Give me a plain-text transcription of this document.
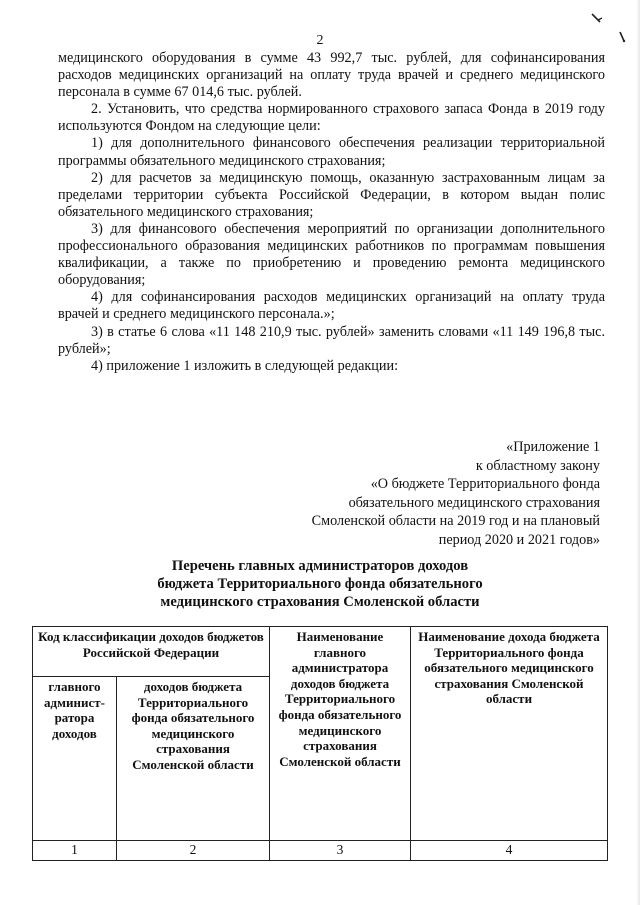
2

медицинского оборудования в сумме 43 992,7 тыс. рублей, для софинансирования расходов медицинских организаций на оплату труда врачей и среднего медицинского персонала в сумме 67 014,6 тыс. рублей.

2. Установить, что средства нормированного страхового запаса Фонда в 2019 году используются Фондом на следующие цели:

1) для дополнительного финансового обеспечения реализации территориальной программы обязательного медицинского страхования;

2) для расчетов за медицинскую помощь, оказанную застрахованным лицам за пределами территории субъекта Российской Федерации, в котором выдан полис обязательного медицинского страхования;

3) для финансового обеспечения мероприятий по организации дополнительного профессионального образования медицинских работников по программам повышения квалификации, а также по приобретению и проведению ремонта медицинского оборудования;

4) для софинансирования расходов медицинских организаций на оплату труда врачей и среднего медицинского персонала.»;

3) в статье 6 слова «11 148 210,9 тыс. рублей» заменить словами «11 149 196,8 тыс. рублей»;

4) приложение 1 изложить в следующей редакции:

«Приложение 1
к областному закону
«О бюджете Территориального фонда
обязательного медицинского страхования
Смоленской области на 2019 год и на плановый
период 2020 и 2021 годов»
Перечень главных администраторов доходов
бюджета Территориального фонда обязательного
медицинского страхования Смоленской области
Код классификации доходов бюджетов Российской Федерации		Наименование главного администратора доходов бюджета Территориального фонда обязательного медицинского страхования Смоленской области	Наименование дохода бюджета Территориального фонда обязательного медицинского страхования Смоленской области
главного админист-ратора доходов	доходов бюджета Территориального фонда обязательного медицинского страхования Смоленской области		
1	2	3	4
